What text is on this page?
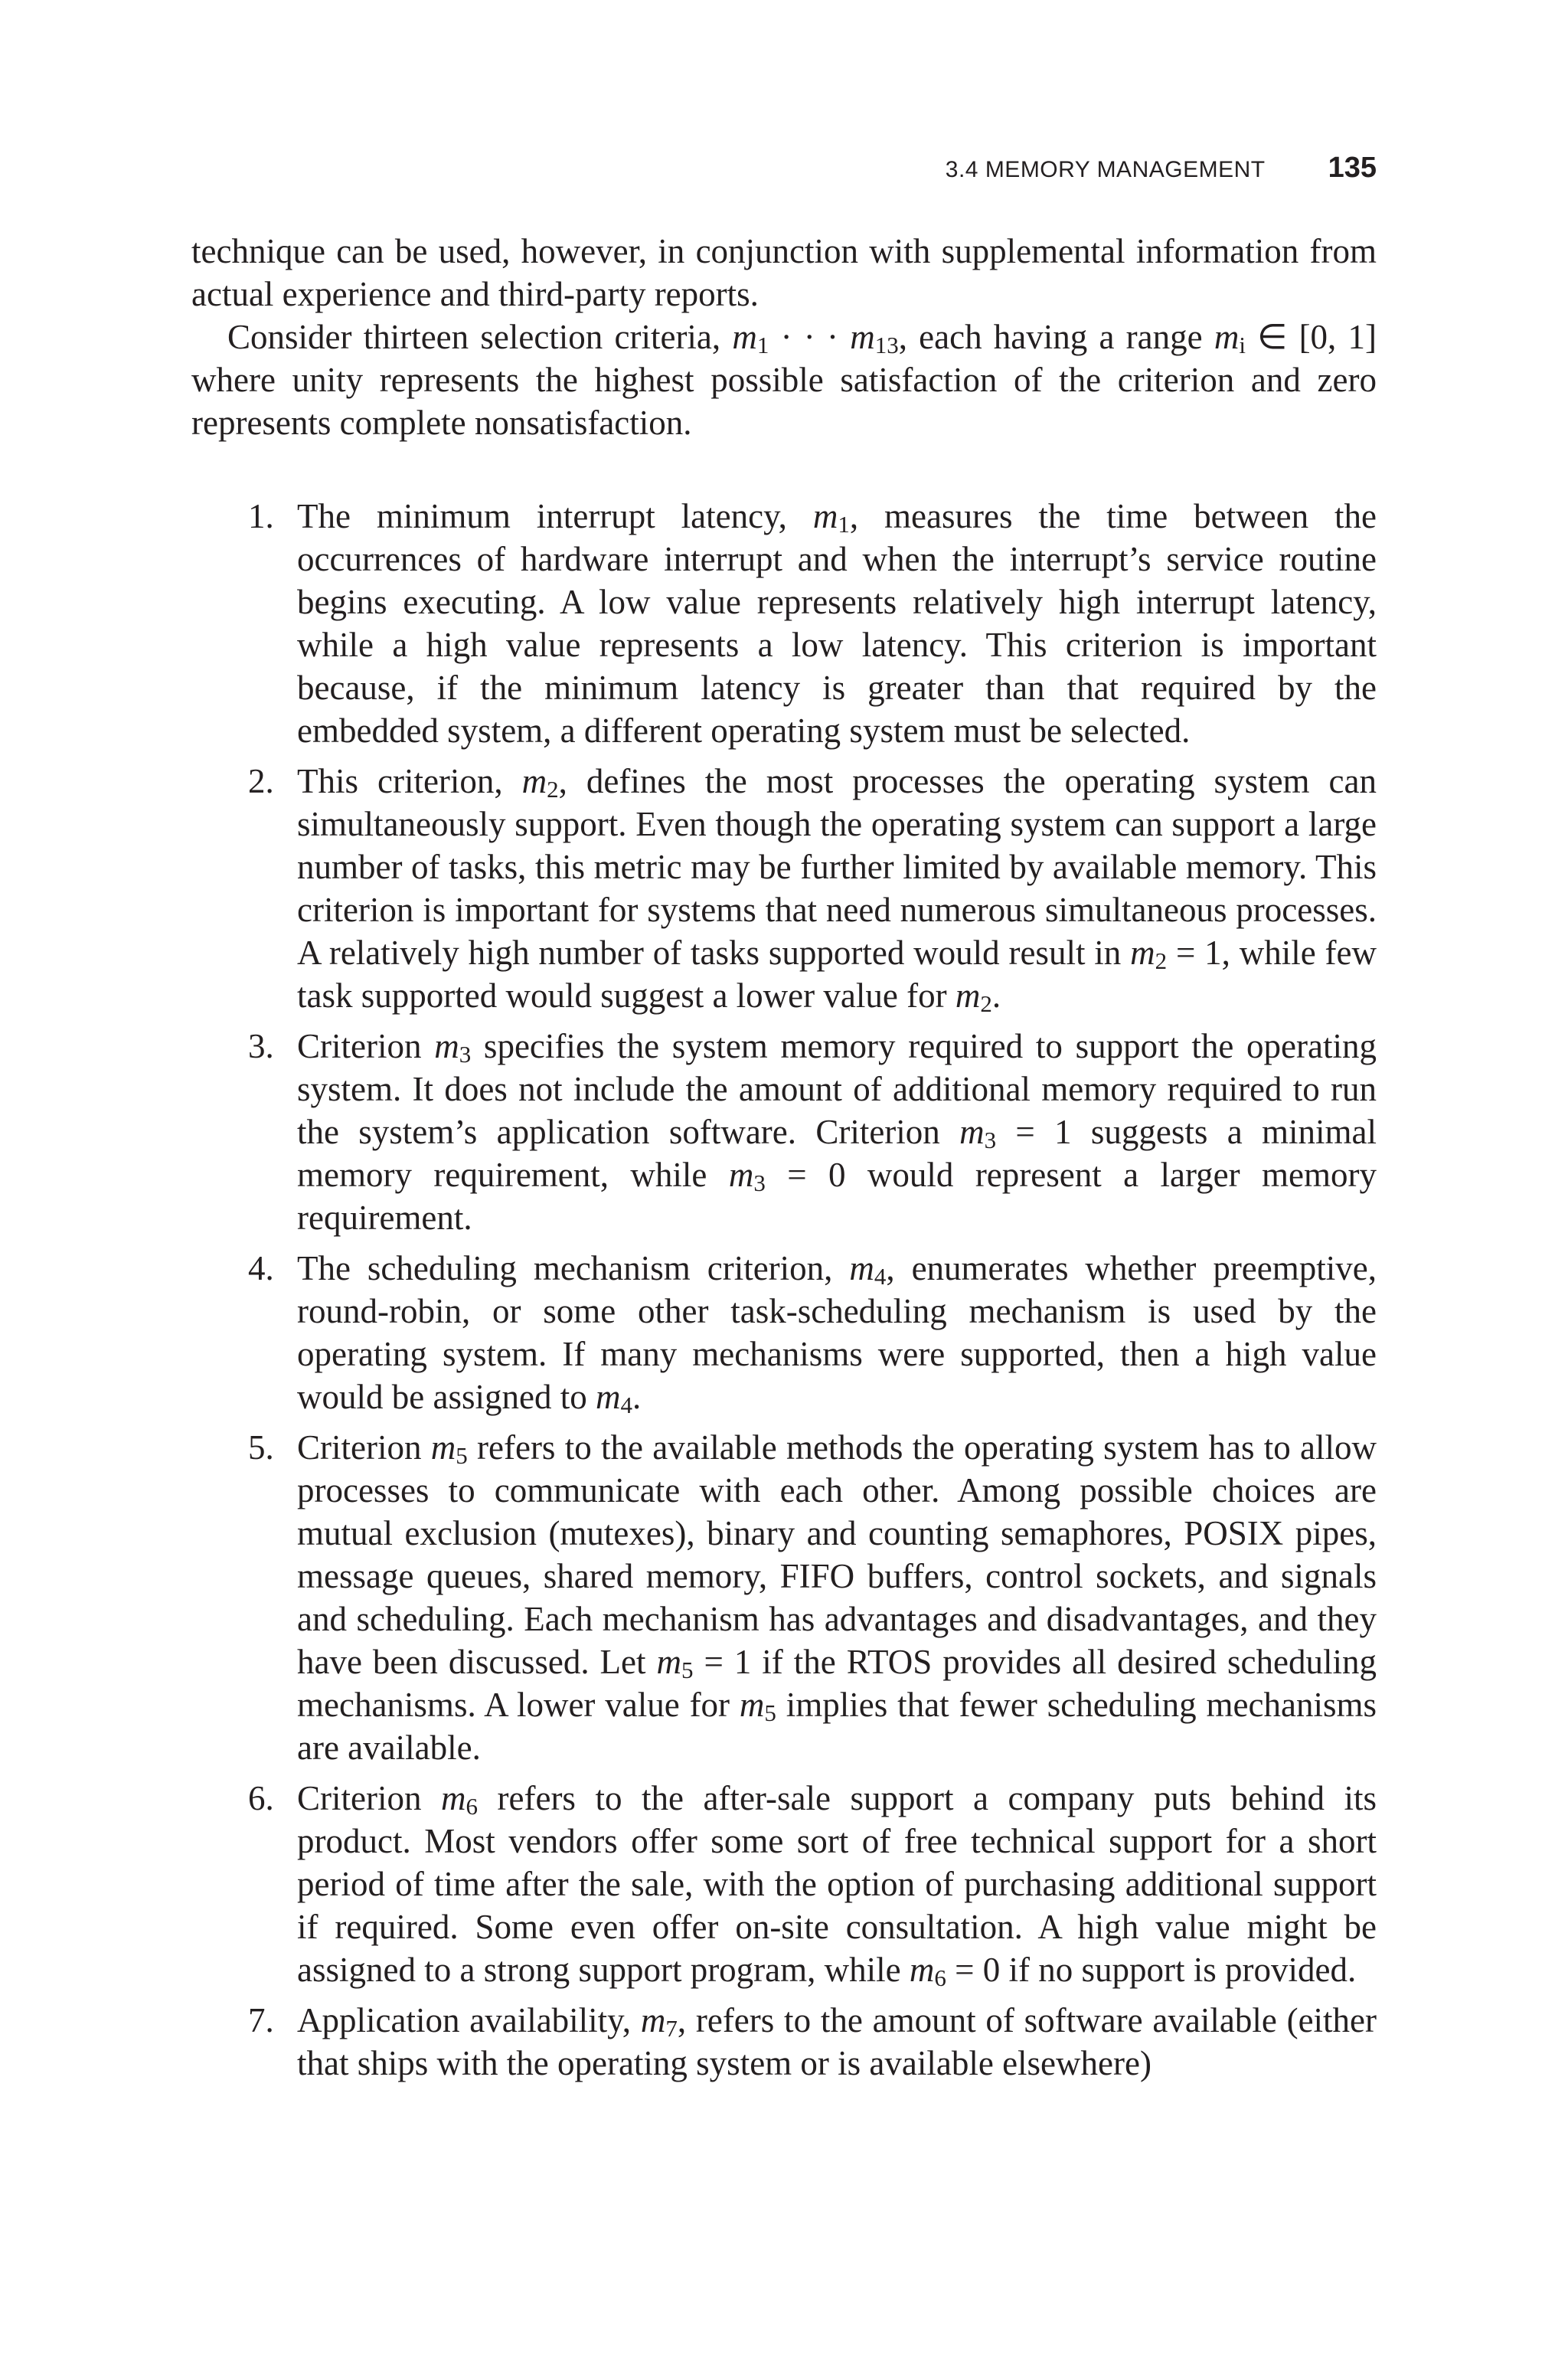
3.4 MEMORY MANAGEMENT 135

technique can be used, however, in conjunction with supplemental information from actual experience and third-party reports.

Consider thirteen selection criteria, m1 · · · m13, each having a range mi ∈ [0, 1] where unity represents the highest possible satisfaction of the criterion and zero represents complete nonsatisfaction.

1. The minimum interrupt latency, m1, measures the time between the occurrences of hardware interrupt and when the interrupt’s service routine begins executing. A low value represents relatively high interrupt latency, while a high value represents a low latency. This criterion is important because, if the minimum latency is greater than that required by the embedded system, a different operating system must be selected.
2. This criterion, m2, defines the most processes the operating system can simultaneously support. Even though the operating system can support a large number of tasks, this metric may be further limited by available memory. This criterion is important for systems that need numerous simultaneous processes. A relatively high number of tasks supported would result in m2 = 1, while few task supported would suggest a lower value for m2.
3. Criterion m3 specifies the system memory required to support the operating system. It does not include the amount of additional memory required to run the system’s application software. Criterion m3 = 1 suggests a minimal memory requirement, while m3 = 0 would represent a larger memory requirement.
4. The scheduling mechanism criterion, m4, enumerates whether preemptive, round-robin, or some other task-scheduling mechanism is used by the operating system. If many mechanisms were supported, then a high value would be assigned to m4.
5. Criterion m5 refers to the available methods the operating system has to allow processes to communicate with each other. Among possible choices are mutual exclusion (mutexes), binary and counting semaphores, POSIX pipes, message queues, shared memory, FIFO buffers, control sockets, and signals and scheduling. Each mechanism has advantages and disadvantages, and they have been discussed. Let m5 = 1 if the RTOS provides all desired scheduling mechanisms. A lower value for m5 implies that fewer scheduling mechanisms are available.
6. Criterion m6 refers to the after-sale support a company puts behind its product. Most vendors offer some sort of free technical support for a short period of time after the sale, with the option of purchasing additional support if required. Some even offer on-site consultation. A high value might be assigned to a strong support program, while m6 = 0 if no support is provided.
7. Application availability, m7, refers to the amount of software available (either that ships with the operating system or is available elsewhere)
